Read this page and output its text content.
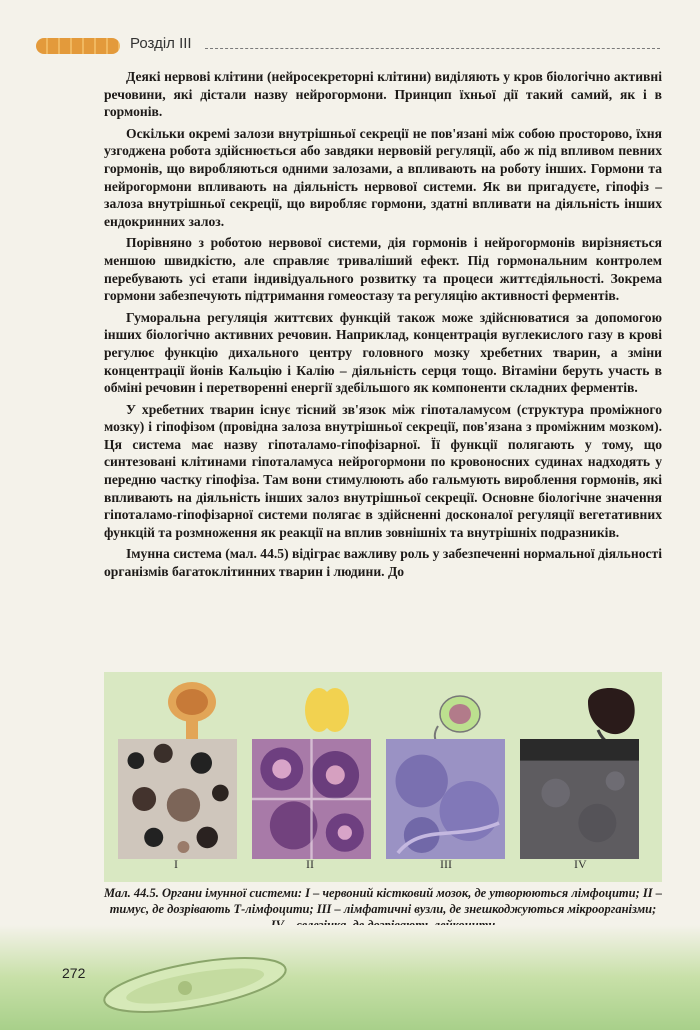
Розділ III

Деякі нервові клітини (нейросекреторні клітини) виділяють у кров біологічно активні речовини, які дістали назву нейрогормони. Принцип їхньої дії такий самий, як і в гормонів.

Оскільки окремі залози внутрішньої секреції не пов'язані між собою просторово, їхня узгоджена робота здійснюється або завдяки нервовій регуляції, або ж під впливом певних гормонів, що виробляються одними залозами, а впливають на роботу інших. Гормони та нейрогормони впливають на діяльність нервової системи. Як ви пригадуєте, гіпофіз – залоза внутрішньої секреції, що виробляє гормони, здатні впливати на діяльність інших ендокринних залоз.

Порівняно з роботою нервової системи, дія гормонів і нейрогормонів вирізняється меншою швидкістю, але справляє триваліший ефект. Під гормональним контролем перебувають усі етапи індивідуального розвитку та процеси життєдіяльності. Зокрема гормони забезпечують підтримання гомеостазу та регуляцію активності ферментів.

Гуморальна регуляція життєвих функцій також може здійснюватися за допомогою інших біологічно активних речовин. Наприклад, концентрація вуглекислого газу в крові регулює функцію дихального центру головного мозку хребетних тварин, а зміни концентрації йонів Кальцію і Калію – діяльність серця тощо. Вітаміни беруть участь в обміні речовин і перетворенні енергії здебільшого як компоненти складних ферментів.

У хребетних тварин існує тісний зв'язок між гіпоталамусом (структура проміжного мозку) і гіпофізом (провідна залоза внутрішньої секреції, пов'язана з проміжним мозком). Ця система має назву гіпоталамо-гіпофізарної. Її функції полягають у тому, що синтезовані клітинами гіпоталамуса нейрогормони по кровоносних судинах надходять у передню частку гіпофіза. Там вони стимулюють або гальмують вироблення гормонів, які впливають на діяльність інших залоз внутрішньої секреції. Основне біологічне значення гіпоталамо-гіпофізарної системи полягає в здійсненні досконалої регуляції вегетативних функцій та розмноження як реакції на вплив зовнішніх та внутрішніх подразників.

Імунна система (мал. 44.5) відіграє важливу роль у забезпеченні нормальної діяльності організмів багатоклітинних тварин і людини. До

I	II	III	IV
Мал. 44.5. Органи імунної системи: I – червоний кістковий мозок, де утворюються лімфоцити; II – тимус, де дозрівають Т-лімфоцити; III – лімфатичні вузли, де знешкоджуються мікроорганізми;
272
